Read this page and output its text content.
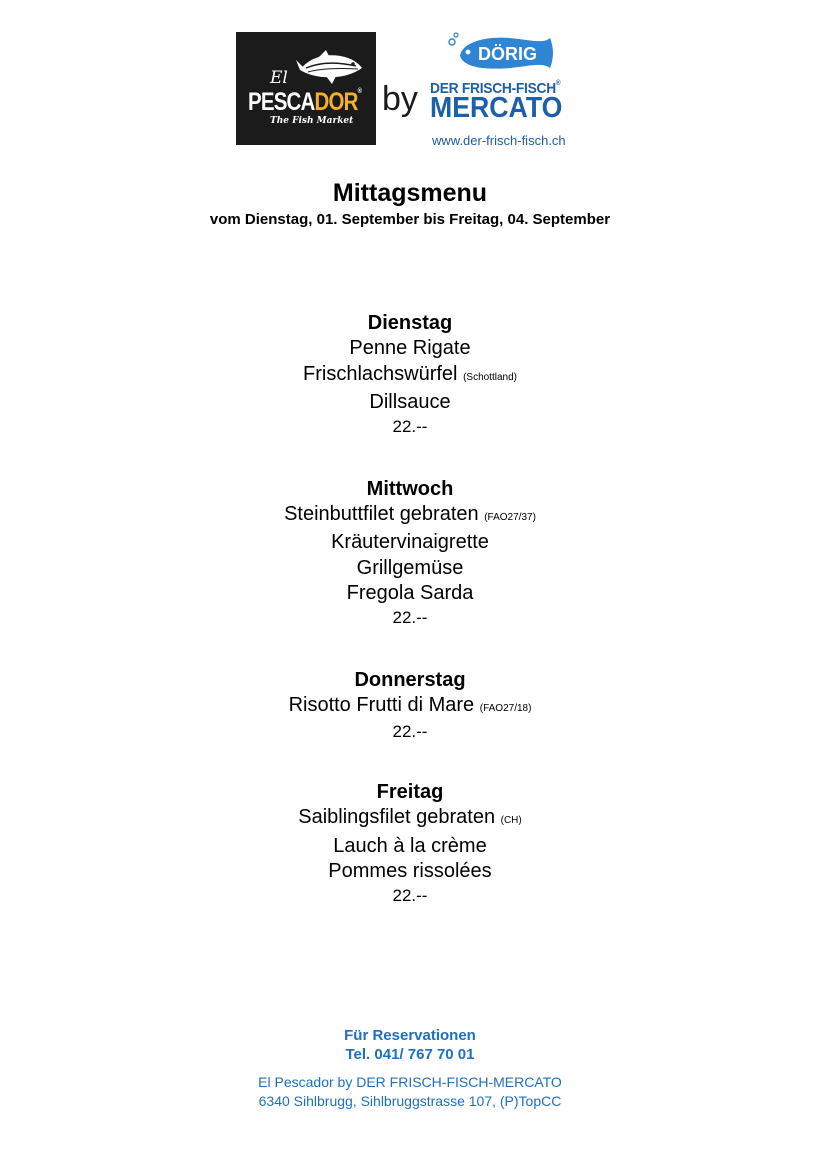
El
PESCADOR®
The Fish Market
by
DÖRIG
DER FRISCH-FISCH®
MERCATO
www.der-frisch-fisch.ch
Mittagsmenu
vom Dienstag, 01. September bis Freitag, 04. September
Dienstag
Penne Rigate
Frischlachswürfel (Schottland)
Dillsauce
22.--
Mittwoch
Steinbuttfilet gebraten (FAO27/37)
Kräutervinaigrette
Grillgemüse
Fregola Sarda
22.--
Donnerstag
Risotto Frutti di Mare (FAO27/18)
22.--
Freitag
Saiblingsfilet gebraten (CH)
Lauch à la crème
Pommes rissolées
22.--
Für Reservationen
Tel. 041/ 767 70 01
El Pescador by DER FRISCH-FISCH-MERCATO
6340 Sihlbrugg, Sihlbruggstrasse 107, (P)TopCC
